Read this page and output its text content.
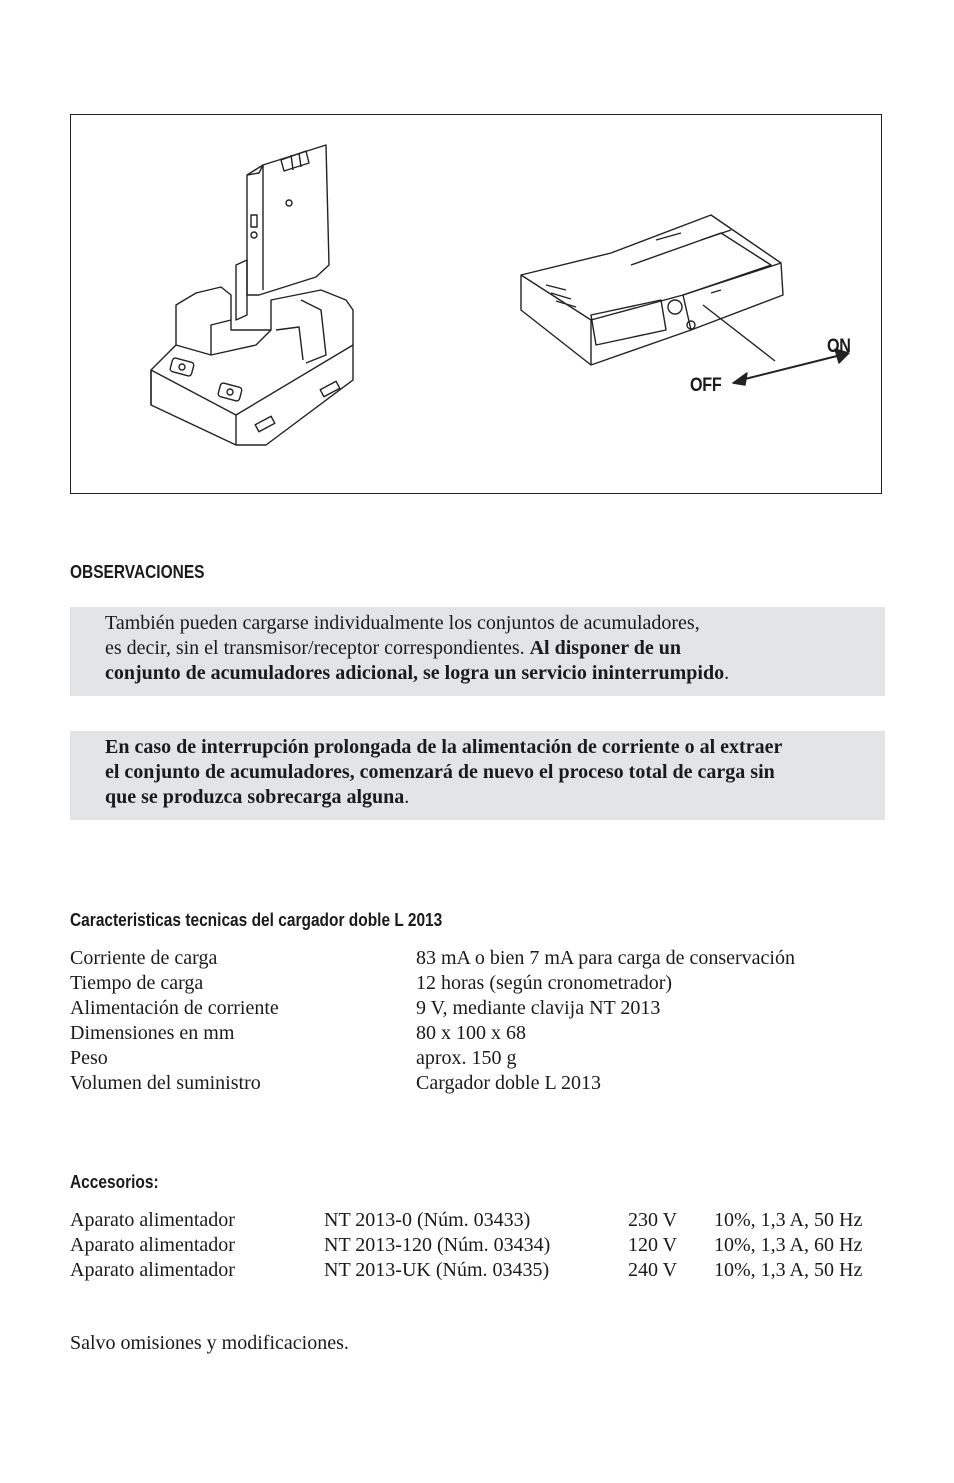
ON
OFF
OBSERVACIONES

También pueden cargarse individualmente los conjuntos de acumuladores,

es decir, sin el transmisor/receptor correspondientes. Al disponer de un

conjunto de acumuladores adicional, se logra un servicio ininterrumpido.

En caso de interrupción prolongada de la alimentación de corriente o al extraer

el conjunto de acumuladores, comenzará de nuevo el proceso total de carga sin

que se produzca sobrecarga alguna.

Caracteristicas tecnicas del cargador doble L 2013
Corriente de carga	83 mA o bien 7 mA para carga de conservación
Tiempo de carga	12 horas (según cronometrador)
Alimentación de corriente	9 V, mediante clavija NT 2013
Dimensiones en mm	80 x 100 x 68
Peso	aprox. 150 g
Volumen del suministro	Cargador doble L 2013
Accesorios:
Aparato alimentador	NT 2013-0 (Núm. 03433)	230 V	10%, 1,3 A, 50 Hz
Aparato alimentador	NT 2013-120 (Núm. 03434)	120 V	10%, 1,3 A, 60 Hz
Aparato alimentador	NT 2013-UK (Núm. 03435)	240 V	10%, 1,3 A, 50 Hz
Salvo omisiones y modificaciones.
